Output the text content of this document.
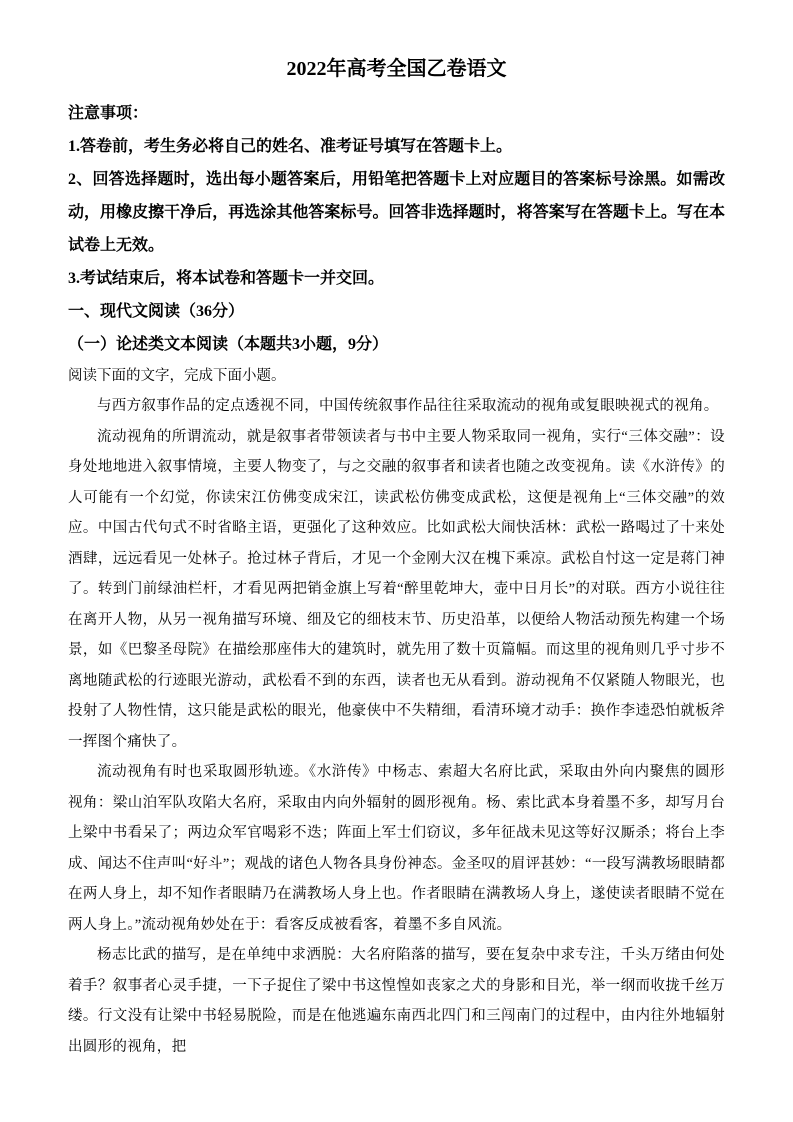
2022年高考全国乙卷语文

注意事项：

1.答卷前，考生务必将自己的姓名、准考证号填写在答题卡上。

2、回答选择题时，选出每小题答案后，用铅笔把答题卡上对应题目的答案标号涂黑。如需改动，用橡皮擦干净后，再选涂其他答案标号。回答非选择题时，将答案写在答题卡上。写在本试卷上无效。

3.考试结束后，将本试卷和答题卡一并交回。

一、现代文阅读（36分）

（一）论述类文本阅读（本题共3小题，9分）

阅读下面的文字，完成下面小题。

与西方叙事作品的定点透视不同，中国传统叙事作品往往采取流动的视角或复眼映视式的视角。

流动视角的所谓流动，就是叙事者带领读者与书中主要人物采取同一视角，实行“三体交融”：设身处地地进入叙事情境，主要人物变了，与之交融的叙事者和读者也随之改变视角。读《水浒传》的人可能有一个幻觉，你读宋江仿佛变成宋江，读武松仿佛变成武松，这便是视角上“三体交融”的效应。中国古代句式不时省略主语，更强化了这种效应。比如武松大闹快活林：武松一路喝过了十来处酒肆，远远看见一处林子。抢过林子背后，才见一个金刚大汉在槐下乘凉。武松自忖这一定是蒋门神了。转到门前绿油栏杆，才看见两把销金旗上写着“醉里乾坤大，壶中日月长”的对联。西方小说往往在离开人物，从另一视角描写环境、细及它的细枝末节、历史沿革，以便给人物活动预先构建一个场景，如《巴黎圣母院》在描绘那座伟大的建筑时，就先用了数十页篇幅。而这里的视角则几乎寸步不离地随武松的行迹眼光游动，武松看不到的东西，读者也无从看到。游动视角不仅紧随人物眼光，也投射了人物性情，这只能是武松的眼光，他豪侠中不失精细，看清环境才动手：换作李逵恐怕就板斧一挥图个痛快了。

流动视角有时也采取圆形轨迹。《水浒传》中杨志、索超大名府比武，采取由外向内聚焦的圆形视角：梁山泊军队攻陷大名府，采取由内向外辐射的圆形视角。杨、索比武本身着墨不多，却写月台上梁中书看呆了；两边众军官喝彩不迭；阵面上军士们窃议，多年征战未见这等好汉厮杀；将台上李成、闻达不住声叫“好斗”；观战的诸色人物各具身份神态。金圣叹的眉评甚妙：“一段写满教场眼睛都在两人身上，却不知作者眼睛乃在满教场人身上也。作者眼睛在满教场人身上，遂使读者眼睛不觉在两人身上。”流动视角妙处在于：看客反成被看客，着墨不多自风流。

杨志比武的描写，是在单纯中求洒脱：大名府陷落的描写，要在复杂中求专注，千头万绪由何处着手？叙事者心灵手捷，一下子捉住了梁中书这惶惶如丧家之犬的身影和目光，举一纲而收拢千丝万缕。行文没有让梁中书轻易脱险，而是在他逃遍东南西北四门和三闯南门的过程中，由内往外地辐射出圆形的视角，把
